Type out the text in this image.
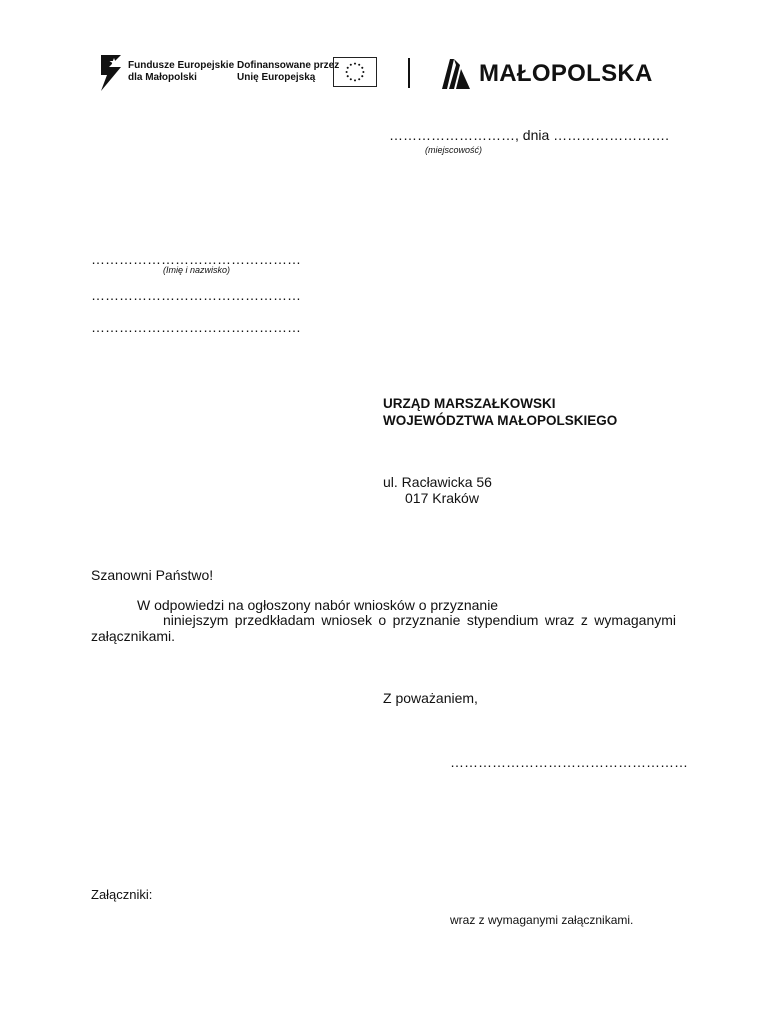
Fundusze Europejskie
dla Małopolski
Dofinansowane przez
Unię Europejską	MAŁOPOLSKA
………………………, dnia …………………….
(miejscowość)
………………………………………
(Imię i nazwisko)
………………………………………
………………………………………
URZĄD MARSZAŁKOWSKI
WOJEWÓDZTWA MAŁOPOLSKIEGO
ul. Racławicka 56
017 Kraków
Szanowni Państwo!
W odpowiedzi na ogłoszony nabór wniosków o przyznanie
niniejszym przedkładam wniosek o przyznanie stypendium wraz z wymaganymi
załącznikami.
Z poważaniem,
……………………………………………
Załączniki:
wraz z wymaganymi załącznikami.
